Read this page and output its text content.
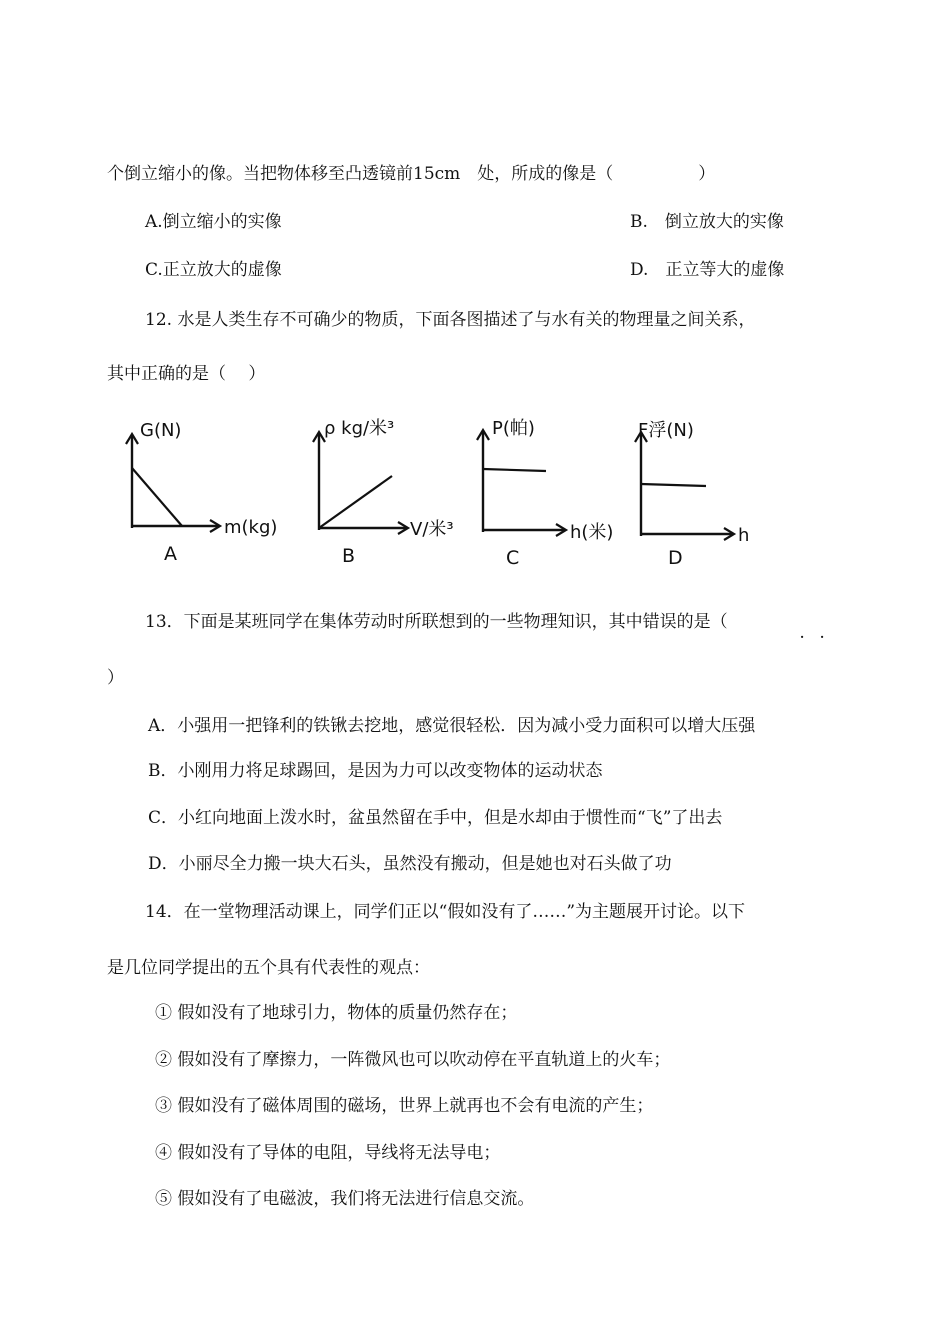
个倒立缩小的像。当把物体移至凸透镜前15cm　处，所成的像是（　　　　　）
A.倒立缩小的实像	B.　倒立放大的实像
C.正立放大的虚像	D.　正立等大的虚像
12. 水是人类生存不可确少的物质，下面各图描述了与水有关的物理量之间关系，
其中正确的是（　 ）
G(N)
m(kg)
A
ρ kg/米³
V/米³
B
P(帕)
h(米)
C
F浮(N)
h
D
13．下面是某班同学在集体劳动时所联想到的一些物理知识，其中错误的是（
· ·
）
A．小强用一把锋利的铁锹去挖地，感觉很轻松．因为减小受力面积可以增大压强
B．小刚用力将足球踢回，是因为力可以改变物体的运动状态
C．小红向地面上泼水时，盆虽然留在手中，但是水却由于惯性而“飞”了出去
D．小丽尽全力搬一块大石头，虽然没有搬动，但是她也对石头做了功
14．在一堂物理活动课上，同学们正以“假如没有了……”为主题展开讨论。以下
是几位同学提出的五个具有代表性的观点：
① 假如没有了地球引力，物体的质量仍然存在；
② 假如没有了摩擦力，一阵微风也可以吹动停在平直轨道上的火车；
③ 假如没有了磁体周围的磁场，世界上就再也不会有电流的产生；
④ 假如没有了导体的电阻，导线将无法导电；
⑤ 假如没有了电磁波，我们将无法进行信息交流。
